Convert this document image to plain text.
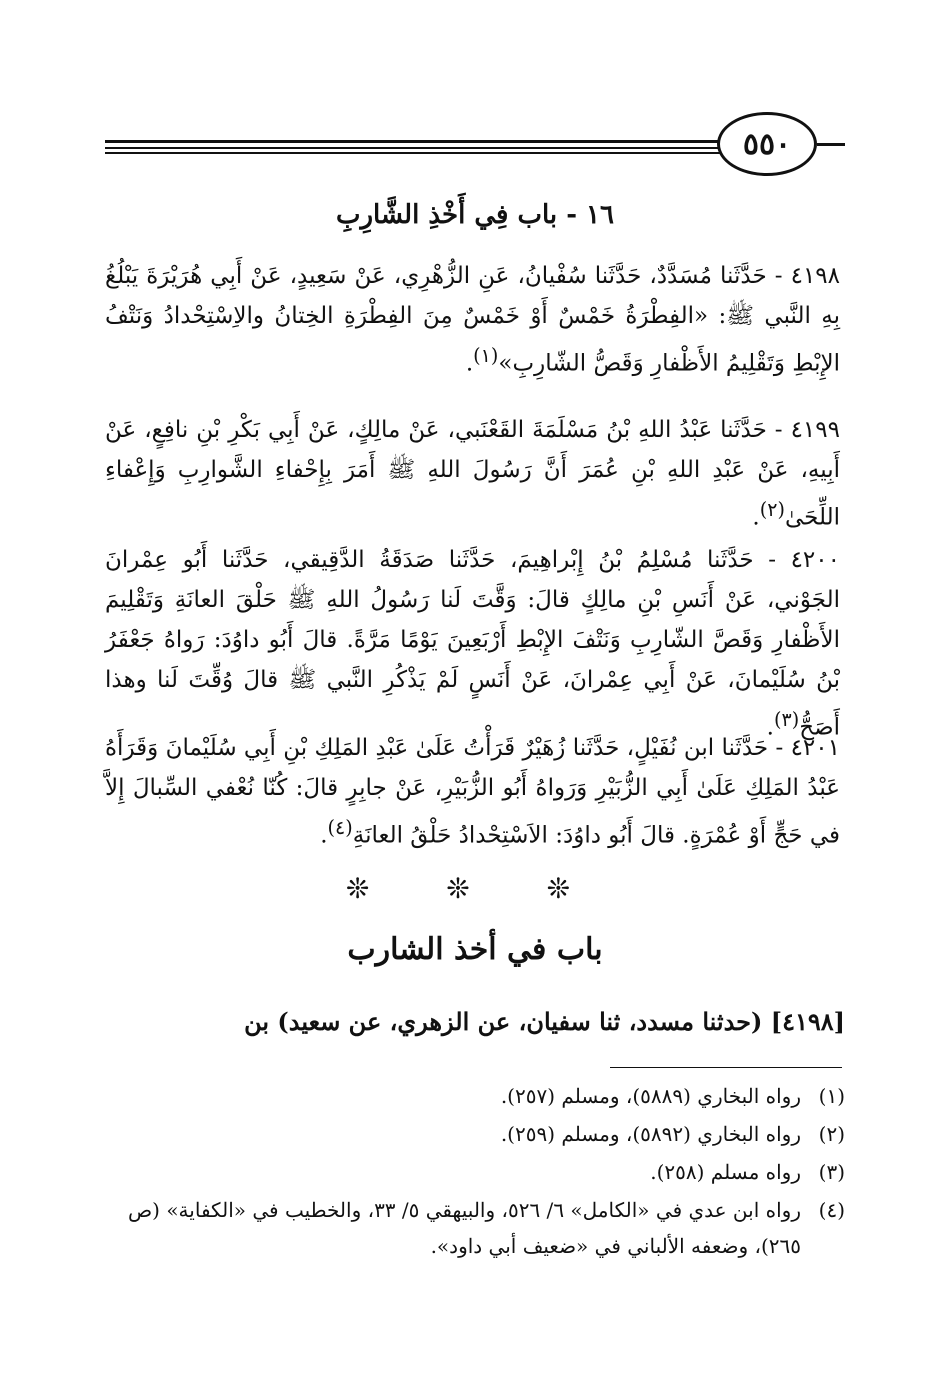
٥٥٠
١٦ - باب فِي أَخْذِ الشَّارِبِ

٤١٩٨ - حَدَّثَنا مُسَدَّدٌ، حَدَّثَنا سُفْيانُ، عَنِ الزُّهْرِي، عَنْ سَعِيدٍ، عَنْ أَبِي هُرَيْرَةَ يَبْلُغُ بِهِ النَّبي ﷺ: «الفِطْرَةُ خَمْسٌ أَوْ خَمْسٌ مِنَ الفِطْرَةِ الخِتانُ والاِسْتِحْدادُ وَنَتْفُ الإِبْطِ وَتَقْلِيمُ الأَظْفارِ وَقَصُّ الشّارِبِ»$^{(١)}$.

٤١٩٩ - حَدَّثَنا عَبْدُ اللهِ بْنُ مَسْلَمَةَ القَعْنَبي، عَنْ مالِكٍ، عَنْ أَبِي بَكْرِ بْنِ نافِعٍ، عَنْ أَبِيهِ، عَنْ عَبْدِ اللهِ بْنِ عُمَرَ أَنَّ رَسُولَ اللهِ ﷺ أَمَرَ بِإِحْفاءِ الشَّوارِبِ وَإِعْفاءِ اللِّحَىٰ$^{(٢)}$.

٤٢٠٠ - حَدَّثَنا مُسْلِمُ بْنُ إِبْراهِيمَ، حَدَّثَنا صَدَقَةُ الدَّقِيقي، حَدَّثَنا أَبُو عِمْرانَ الجَوْني، عَنْ أَنَسِ بْنِ مالِكٍ قالَ: وَقَّتَ لَنا رَسُولُ اللهِ ﷺ حَلْقَ العانَةِ وَتَقْلِيمَ الأَظْفارِ وَقَصَّ الشّارِبِ وَنَتْفَ الإِبْطِ أَرْبَعِينَ يَوْمًا مَرَّةً. قالَ أَبُو داوُدَ: رَواهُ جَعْفَرُ بْنُ سُلَيْمانَ، عَنْ أَبِي عِمْرانَ، عَنْ أَنَسٍ لَمْ يَذْكُرِ النَّبي ﷺ قالَ وُقِّتَ لَنا وهذا أَصَحُّ$^{(٣)}$.

٤٢٠١ - حَدَّثَنا ابن نُفَيْلٍ، حَدَّثَنا زُهَيْرٌ قَرَأْتُ عَلَىٰ عَبْدِ المَلِكِ بْنِ أَبِي سُلَيْمانَ وَقَرَأَهُ عَبْدُ المَلِكِ عَلَىٰ أَبِي الزُّبَيْرِ وَرَواهُ أَبُو الزُّبَيْرِ، عَنْ جابِرٍ قالَ: كُنّا نُعْفي السِّبالَ إِلاَّ في حَجٍّ أَوْ عُمْرَةٍ. قالَ أَبُو داوُدَ: الاَسْتِحْدادُ حَلْقُ العانَةِ$^{(٤)}$.

❊ ❊ ❊
باب في أخذ الشارب

[٤١٩٨] (حدثنا مسدد، ثنا سفيان، عن الزهري، عن سعيد) بن

(١)
رواه البخاري (٥٨٨٩)، ومسلم (٢٥٧).

(٢)
رواه البخاري (٥٨٩٢)، ومسلم (٢٥٩).

(٣)
رواه مسلم (٢٥٨).

(٤)
رواه ابن عدي في «الكامل» ٦/ ٥٢٦، والبيهقي ٥/ ٣٣، والخطيب في «الكفاية» (ص ٢٦٥)، وضعفه الألباني في «ضعيف أبي داود».
